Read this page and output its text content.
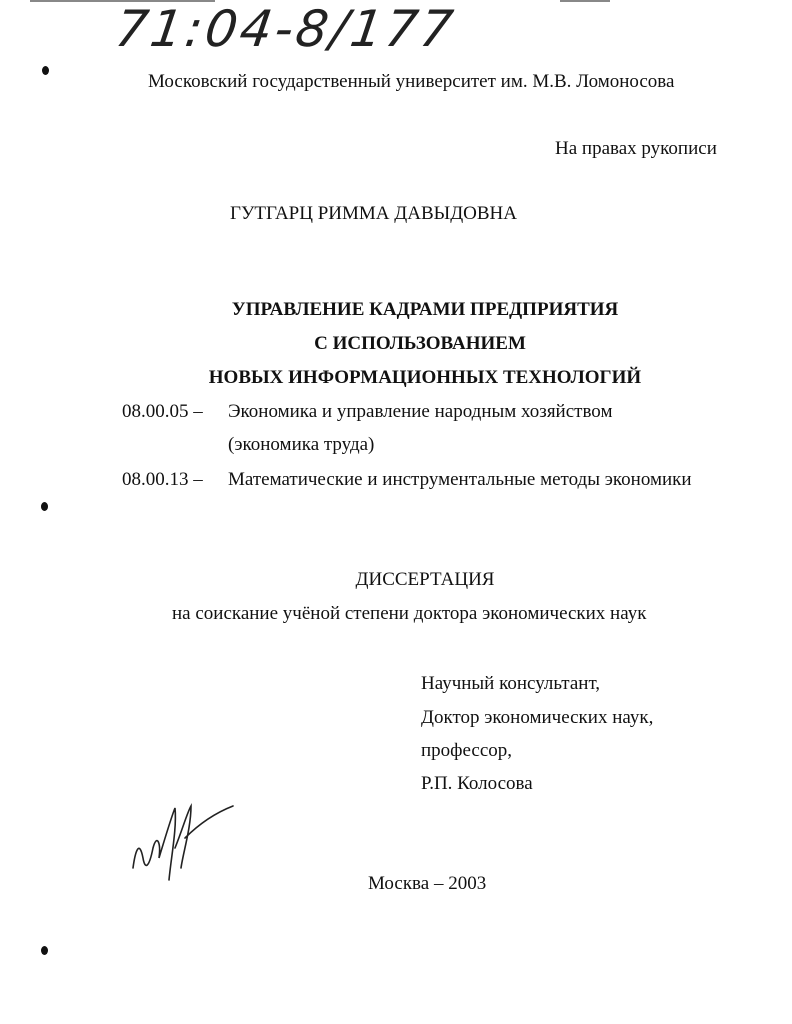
71:04-8/177
Московский государственный университет им. М.В. Ломоносова
На правах рукописи
ГУТГАРЦ РИММА ДАВЫДОВНА
УПРАВЛЕНИЕ КАДРАМИ ПРЕДПРИЯТИЯ
С ИСПОЛЬЗОВАНИЕМ
НОВЫХ ИНФОРМАЦИОННЫХ ТЕХНОЛОГИЙ
08.00.05 – Экономика и управление народным хозяйством
(экономика труда)
08.00.13 – Математические и инструментальные методы экономики
ДИССЕРТАЦИЯ
на соискание учёной степени доктора экономических наук
Научный консультант,
Доктор экономических наук,
профессор,
Р.П. Колосова
Москва – 2003
